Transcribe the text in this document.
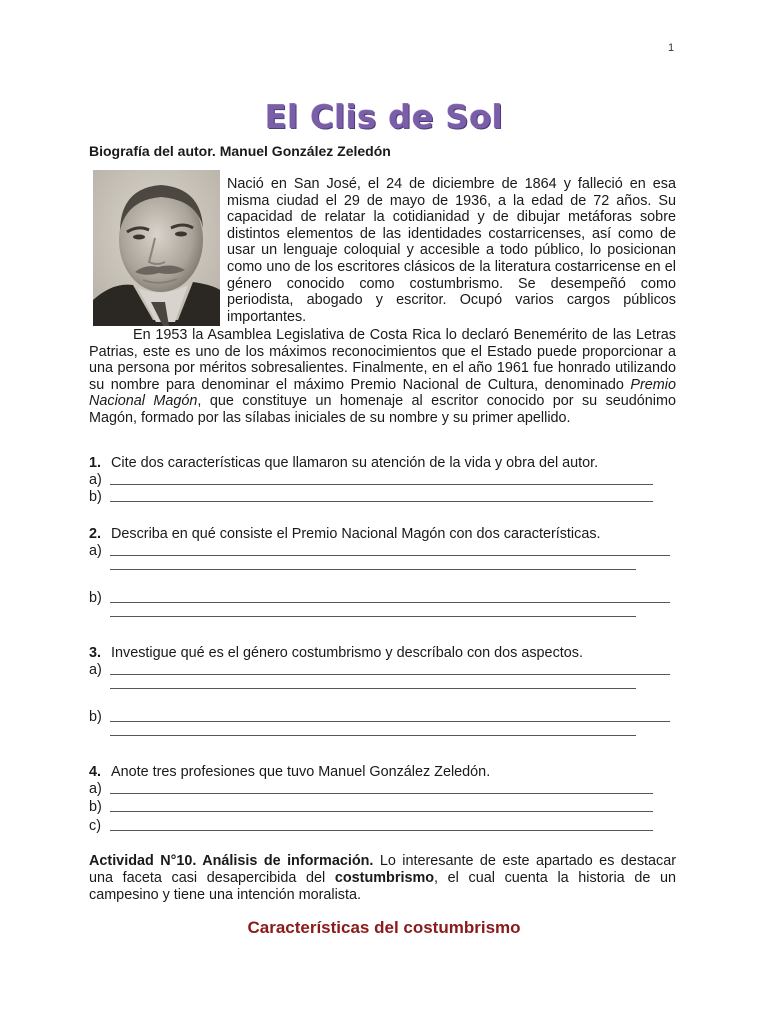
1
El Clis de Sol
Biografía del autor. Manuel González Zeledón
Nació en San José, el 24 de diciembre de 1864 y falleció en esa misma ciudad el 29 de mayo de 1936, a la edad de 72 años. Su capacidad de relatar la cotidianidad y de dibujar metáforas sobre distintos elementos de las identidades costarricenses, así como de usar un lenguaje coloquial y accesible a todo público, lo posicionan como uno de los escritores clásicos de la literatura costarricense en el género conocido como costumbrismo. Se desempeñó como periodista, abogado y escritor. Ocupó varios cargos públicos importantes.
En 1953 la Asamblea Legislativa de Costa Rica lo declaró Benemérito de las Letras Patrias, este es uno de los máximos reconocimientos que el Estado puede proporcionar a una persona por méritos sobresalientes. Finalmente, en el año 1961 fue honrado utilizando su nombre para denominar el máximo Premio Nacional de Cultura, denominado Premio Nacional Magón, que constituye un homenaje al escritor conocido por su seudónimo Magón, formado por las sílabas iniciales de su nombre y su primer apellido.
1. Cite dos características que llamaron su atención de la vida y obra del autor.
a)
b)
2. Describa en qué consiste el Premio Nacional Magón con dos características.
a)
b)
3. Investigue qué es el género costumbrismo y descríbalo con dos aspectos.
a)
b)
4. Anote tres profesiones que tuvo Manuel González Zeledón.
a)
b)
c)
Actividad N°10. Análisis de información. Lo interesante de este apartado es destacar una faceta casi desapercibida del costumbrismo, el cual cuenta la historia de un campesino y tiene una intención moralista.
Características del costumbrismo
